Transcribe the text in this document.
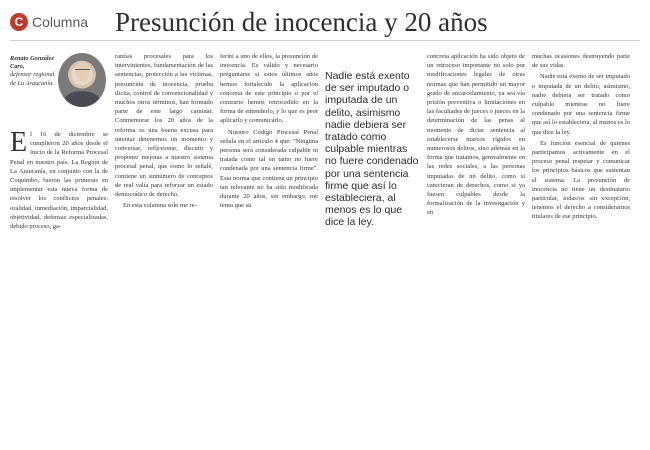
C Columna Presunción de inocencia y 20 años
Renato González Caro,
defensor regional de La Araucanía.

El 16 de diciembre se cumplieron 20 años desde el inicio de la Reforma Procesal Penal en nuestro país. La Región de La Araucanía, en conjunto con la de Coquimbo, fueron las primeras en implementar esta nueva forma de resolver los conflictos penales: oralidad, inmediación, imparcialidad, objetividad, defensas especializadas, debido proceso, ga-

rantías procesales para los intervinientes, fundamentación de las sentencias, protección a las víctimas, presunción de inocencia, prueba ilícita, control de convencionalidad y muchos otros términos, han formado parte de este largo caminar. Conmemorar los 20 años de la reforma es una buena excusa para intentar detenernos un momento y conversar, reflexionar, discutir y proponer mejoras a nuestro sistema procesal penal, que como lo señalé, contiene un sinnúmero de conceptos de real valía para reforzar un estado democrático de derecho.

En esta columna solo me re-

feriré a uno de ellos, la presunción de inocencia. Es válido y necesario preguntarse si estos últimos años hemos fortalecido la aplicación concreta de este principio o por el contrario hemos retrocedido en la forma de entenderlo, y lo que es peor aplicarlo y comunicarlo.

Nuestro Código Procesal Penal señala en el artículo 4 que: "Ninguna persona será considerada culpable ni tratada como tal en tanto no fuere condenada por una sentencia firme". Esta norma que contiene un principio tan relevante no ha sido modificada durante 20 años, sin embargo, me temo que su

Nadie está exento de ser imputado o imputada de un delito, asimismo nadie debiera ser tratado como culpable mientras no fuere condenado por una sentencia firme que así lo estableciera, al menos es lo que dice la ley.

concreta aplicación ha sido objeto de un retroceso importante no solo por modificaciones legales de otras normas que han permitido un mayor grado de encarcelamiento, ya sea vía prisión preventiva o limitaciones en las facultades de jueces o jueces en la determinación de las penas al momento de dictar sentencia al establecerse marcos rígidos en numerosos delitos, sino además en la forma que tratamos, generalmente en las redes sociales, a las personas imputadas de un delito, como si carecieran de derechos, como si ya fuesen culpables desde la formalización de la investigación y en

muchas ocasiones destruyendo parte de sus vidas.

Nadie está exento de ser imputado o imputada de un delito, asimismo, nadie debiera ser tratado como culpable mientras no fuere condenado por una sentencia firme que así lo estableciera, al menos es lo que dice la ley.

Es función esencial de quienes participamos activamente en el proceso penal respetar y comunicar los principios básicos que sustentan el sistema. La presunción de inocencia no tiene un destinatario particular, todas/os sin excepción, tenemos el derecho a considerarnos titulares de ese principio.
